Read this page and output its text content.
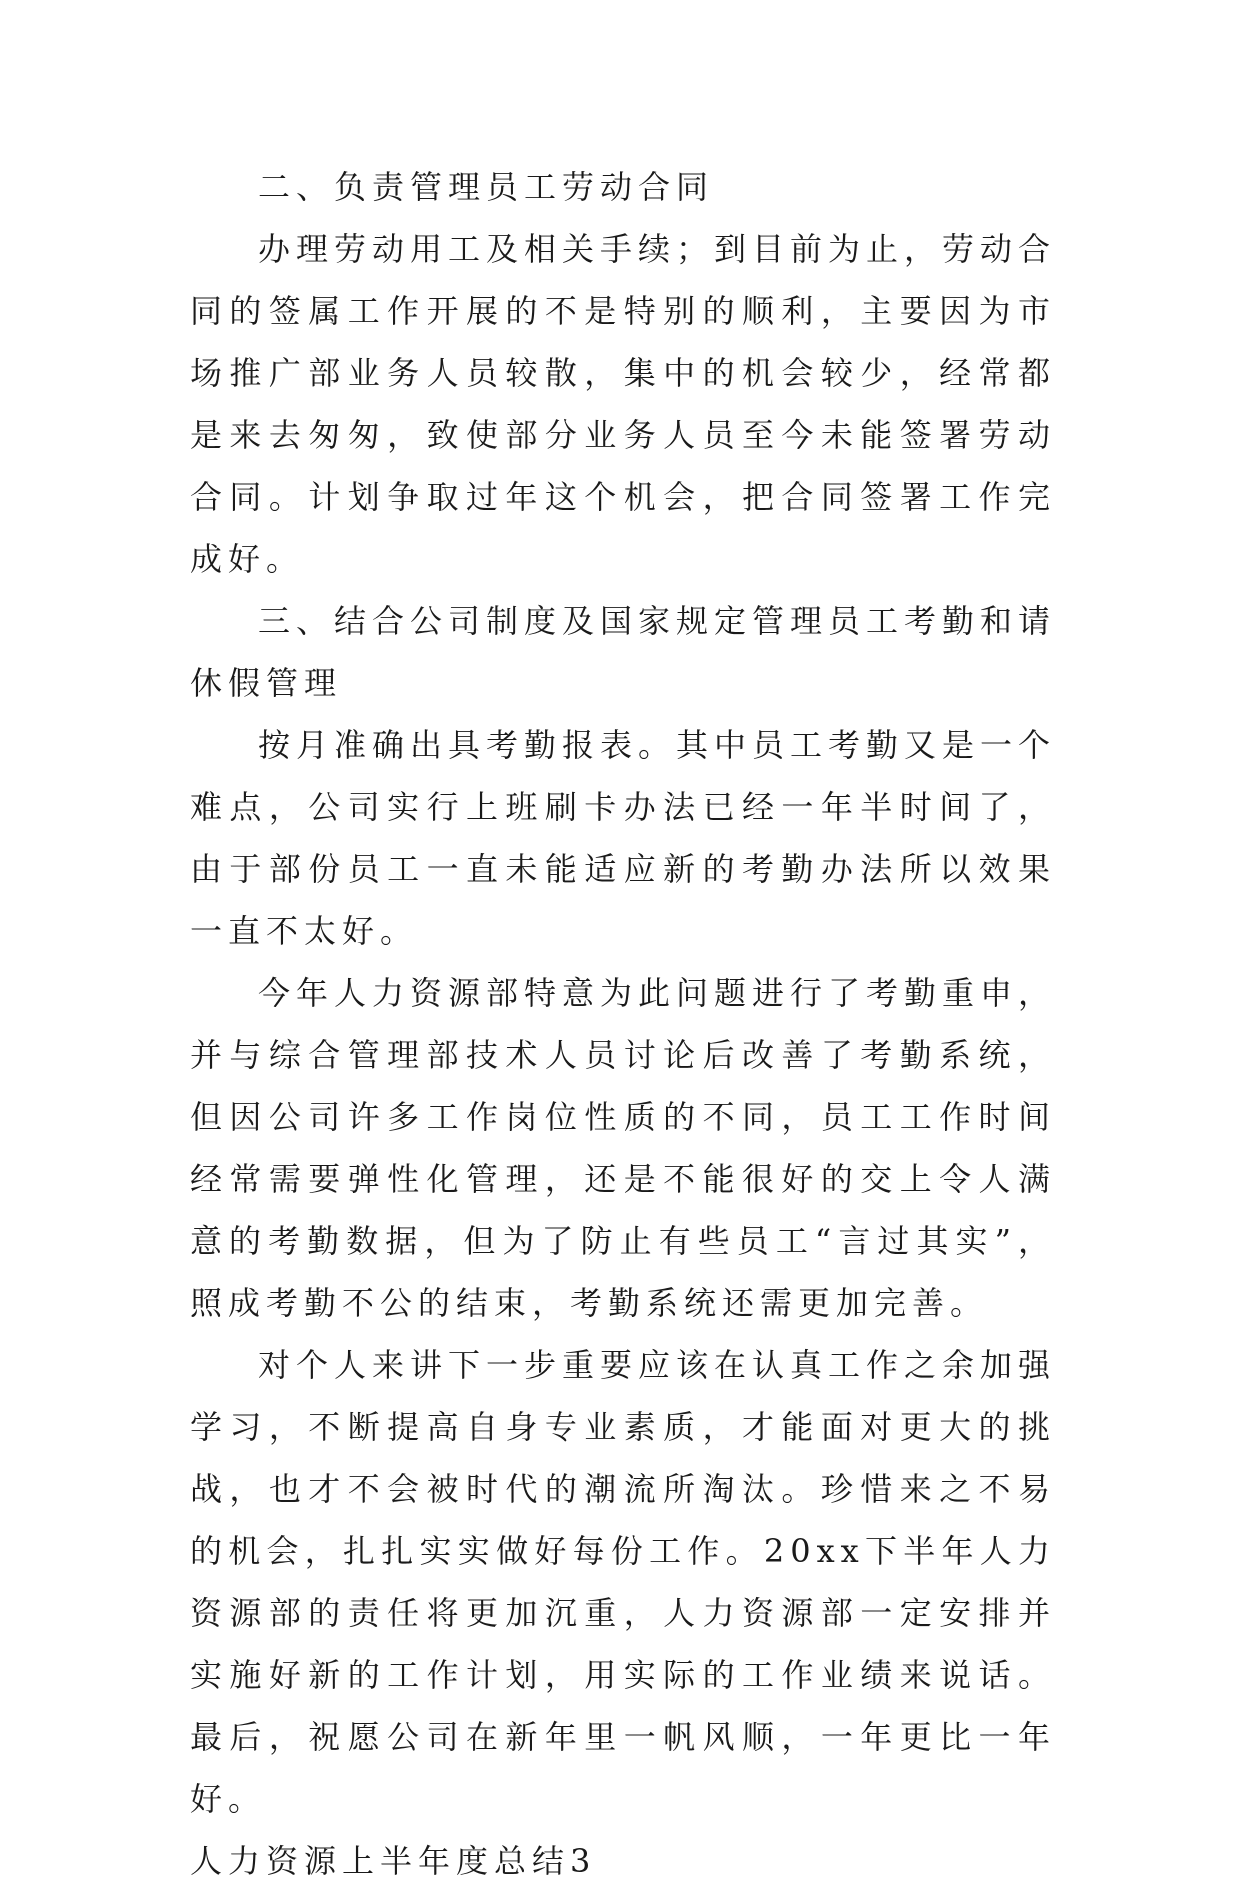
二、负责管理员工劳动合同

办理劳动用工及相关手续；到目前为止，劳动合同的签属工作开展的不是特别的顺利，主要因为市场推广部业务人员较散，集中的机会较少，经常都是来去匆匆，致使部分业务人员至今未能签署劳动合同。计划争取过年这个机会，把合同签署工作完成好。

三、结合公司制度及国家规定管理员工考勤和请休假管理

按月准确出具考勤报表。其中员工考勤又是一个难点，公司实行上班刷卡办法已经一年半时间了，由于部份员工一直未能适应新的考勤办法所以效果一直不太好。

今年人力资源部特意为此问题进行了考勤重申，并与综合管理部技术人员讨论后改善了考勤系统，但因公司许多工作岗位性质的不同，员工工作时间经常需要弹性化管理，还是不能很好的交上令人满意的考勤数据，但为了防止有些员工“言过其实”，照成考勤不公的结束，考勤系统还需更加完善。

对个人来讲下一步重要应该在认真工作之余加强学习，不断提高自身专业素质，才能面对更大的挑战，也才不会被时代的潮流所淘汰。珍惜来之不易的机会，扎扎实实做好每份工作。20xx下半年人力资源部的责任将更加沉重，人力资源部一定安排并实施好新的工作计划，用实际的工作业绩来说话。最后，祝愿公司在新年里一帆风顺，一年更比一年好。

人力资源上半年度总结3
